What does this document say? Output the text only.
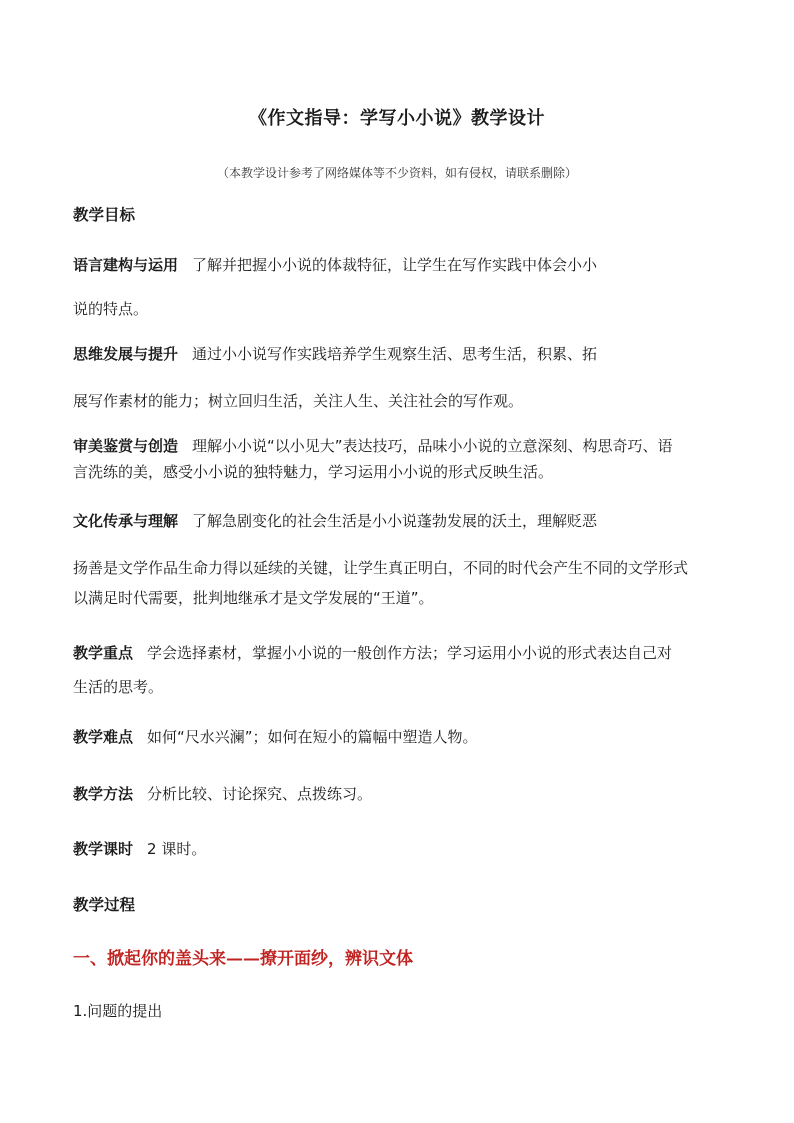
《作文指导：学写小小说》教学设计
（本教学设计参考了网络媒体等不少资料，如有侵权，请联系删除）
教学目标
语言建构与运用 了解并把握小小说的体裁特征，让学生在写作实践中体会小小
说的特点。
思维发展与提升 通过小小说写作实践培养学生观察生活、思考生活，积累、拓
展写作素材的能力；树立回归生活，关注人生、关注社会的写作观。
审美鉴赏与创造 理解小小说“以小见大”表达技巧，品味小小说的立意深刻、构思奇巧、语
言洗练的美，感受小小说的独特魅力，学习运用小小说的形式反映生活。
文化传承与理解 了解急剧变化的社会生活是小小说蓬勃发展的沃土，理解贬恶
扬善是文学作品生命力得以延续的关键，让学生真正明白，不同的时代会产生不同的文学形式
以满足时代需要，批判地继承才是文学发展的“王道”。
教学重点 学会选择素材，掌握小小说的一般创作方法；学习运用小小说的形式表达自己对
生活的思考。
教学难点 如何“尺水兴澜”；如何在短小的篇幅中塑造人物。
教学方法 分析比较、讨论探究、点拨练习。
教学课时 2 课时。
教学过程
一、掀起你的盖头来——撩开面纱，辨识文体
1.问题的提出
